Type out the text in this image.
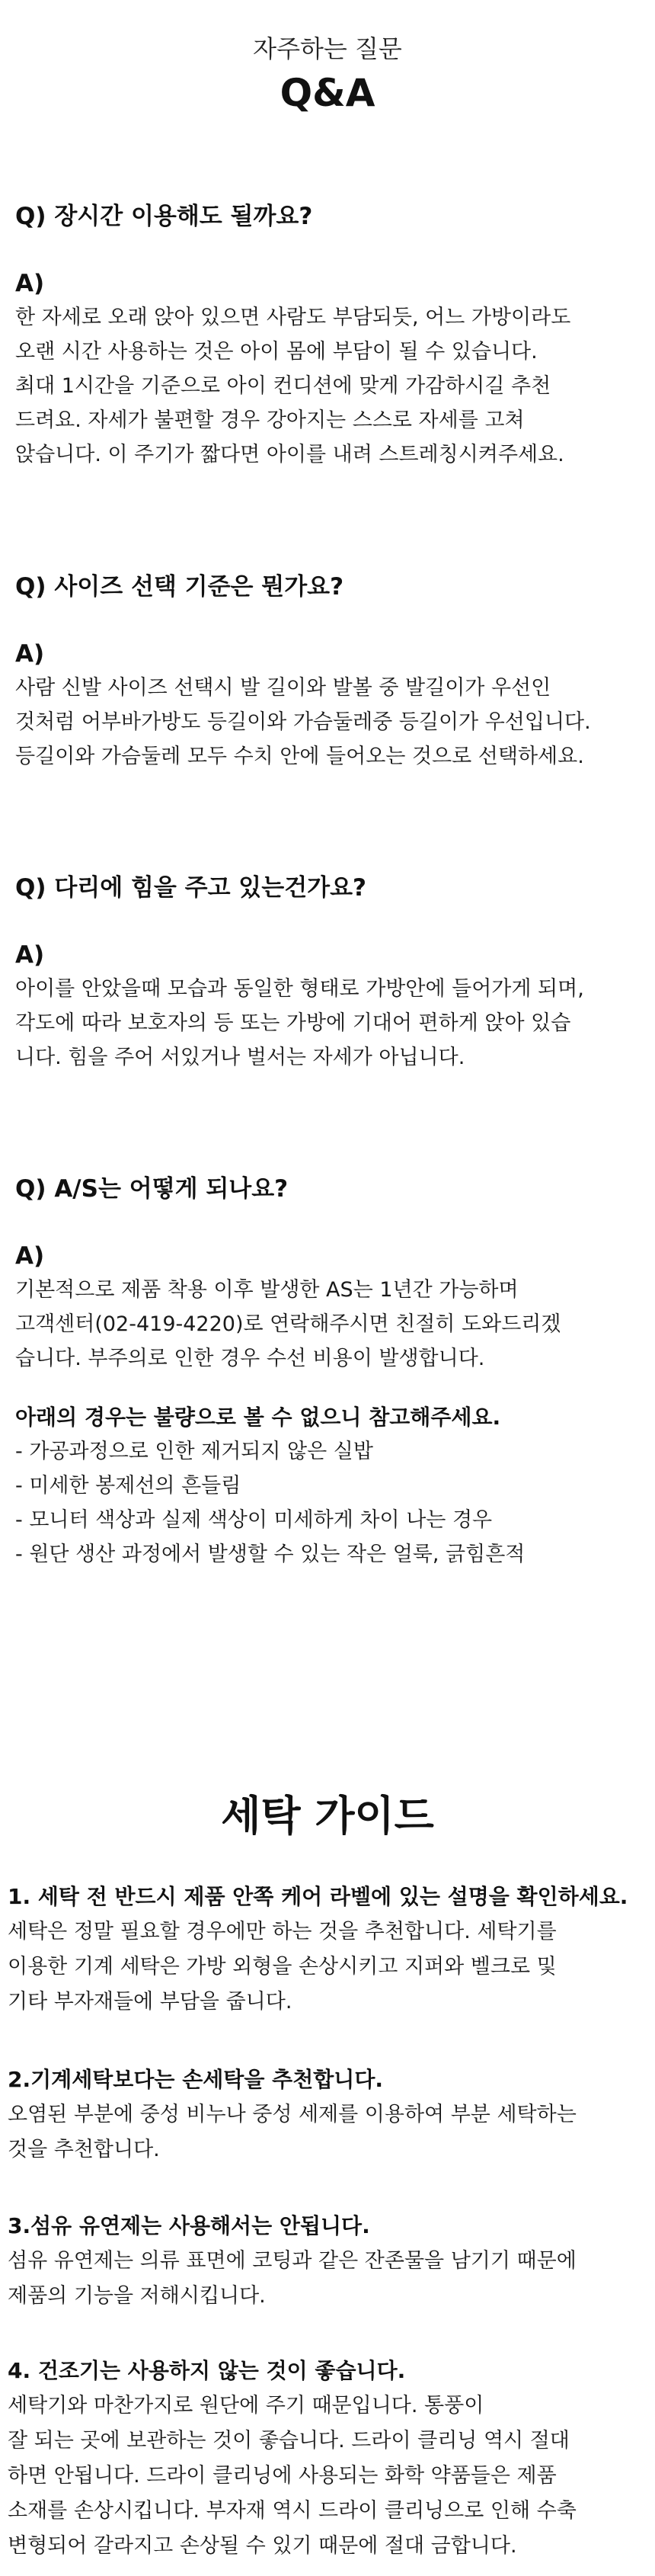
자주하는 질문
Q&A
Q) 장시간 이용해도 될까요?
A)
한 자세로 오래 앉아 있으면 사람도 부담되듯, 어느 가방이라도
오랜 시간 사용하는 것은 아이 몸에 부담이 될 수 있습니다.
최대 1시간을 기준으로 아이 컨디션에 맞게 가감하시길 추천
드려요. 자세가 불편할 경우 강아지는 스스로 자세를 고쳐
앉습니다. 이 주기가 짧다면 아이를 내려 스트레칭시켜주세요.
Q) 사이즈 선택 기준은 뭔가요?
A)
사람 신발 사이즈 선택시 발 길이와 발볼 중 발길이가 우선인
것처럼 어부바가방도 등길이와 가슴둘레중 등길이가 우선입니다.
등길이와 가슴둘레 모두 수치 안에 들어오는 것으로 선택하세요.
Q) 다리에 힘을 주고 있는건가요?
A)
아이를 안았을때 모습과 동일한 형태로 가방안에 들어가게 되며,
각도에 따라 보호자의 등 또는 가방에 기대어 편하게 앉아 있습
니다. 힘을 주어 서있거나 벌서는 자세가 아닙니다.
Q) A/S는 어떻게 되나요?
A)
기본적으로 제품 착용 이후 발생한 AS는 1년간 가능하며
고객센터(02-419-4220)로 연락해주시면 친절히 도와드리겠
습니다. 부주의로 인한 경우 수선 비용이 발생합니다.
아래의 경우는 불량으로 볼 수 없으니 참고해주세요.
- 가공과정으로 인한 제거되지 않은 실밥
- 미세한 봉제선의 흔들림
- 모니터 색상과 실제 색상이 미세하게 차이 나는 경우
- 원단 생산 과정에서 발생할 수 있는 작은 얼룩, 긁힘흔적
세탁 가이드
1. 세탁 전 반드시 제품 안쪽 케어 라벨에 있는 설명을 확인하세요.
세탁은 정말 필요할 경우에만 하는 것을 추천합니다. 세탁기를
이용한 기계 세탁은 가방 외형을 손상시키고 지퍼와 벨크로 및
기타 부자재들에 부담을 줍니다.
2.기계세탁보다는 손세탁을 추천합니다.
오염된 부분에 중성 비누나 중성 세제를 이용하여 부분 세탁하는
것을 추천합니다.
3.섬유 유연제는 사용해서는 안됩니다.
섬유 유연제는 의류 표면에 코팅과 같은 잔존물을 남기기 때문에
제품의 기능을 저해시킵니다.
4. 건조기는 사용하지 않는 것이 좋습니다.
세탁기와 마찬가지로 원단에 주기 때문입니다. 통풍이
잘 되는 곳에 보관하는 것이 좋습니다. 드라이 클리닝 역시 절대
하면 안됩니다. 드라이 클리닝에 사용되는 화학 약품들은 제품
소재를 손상시킵니다. 부자재 역시 드라이 클리닝으로 인해 수축
변형되어 갈라지고 손상될 수 있기 때문에 절대 금합니다.
